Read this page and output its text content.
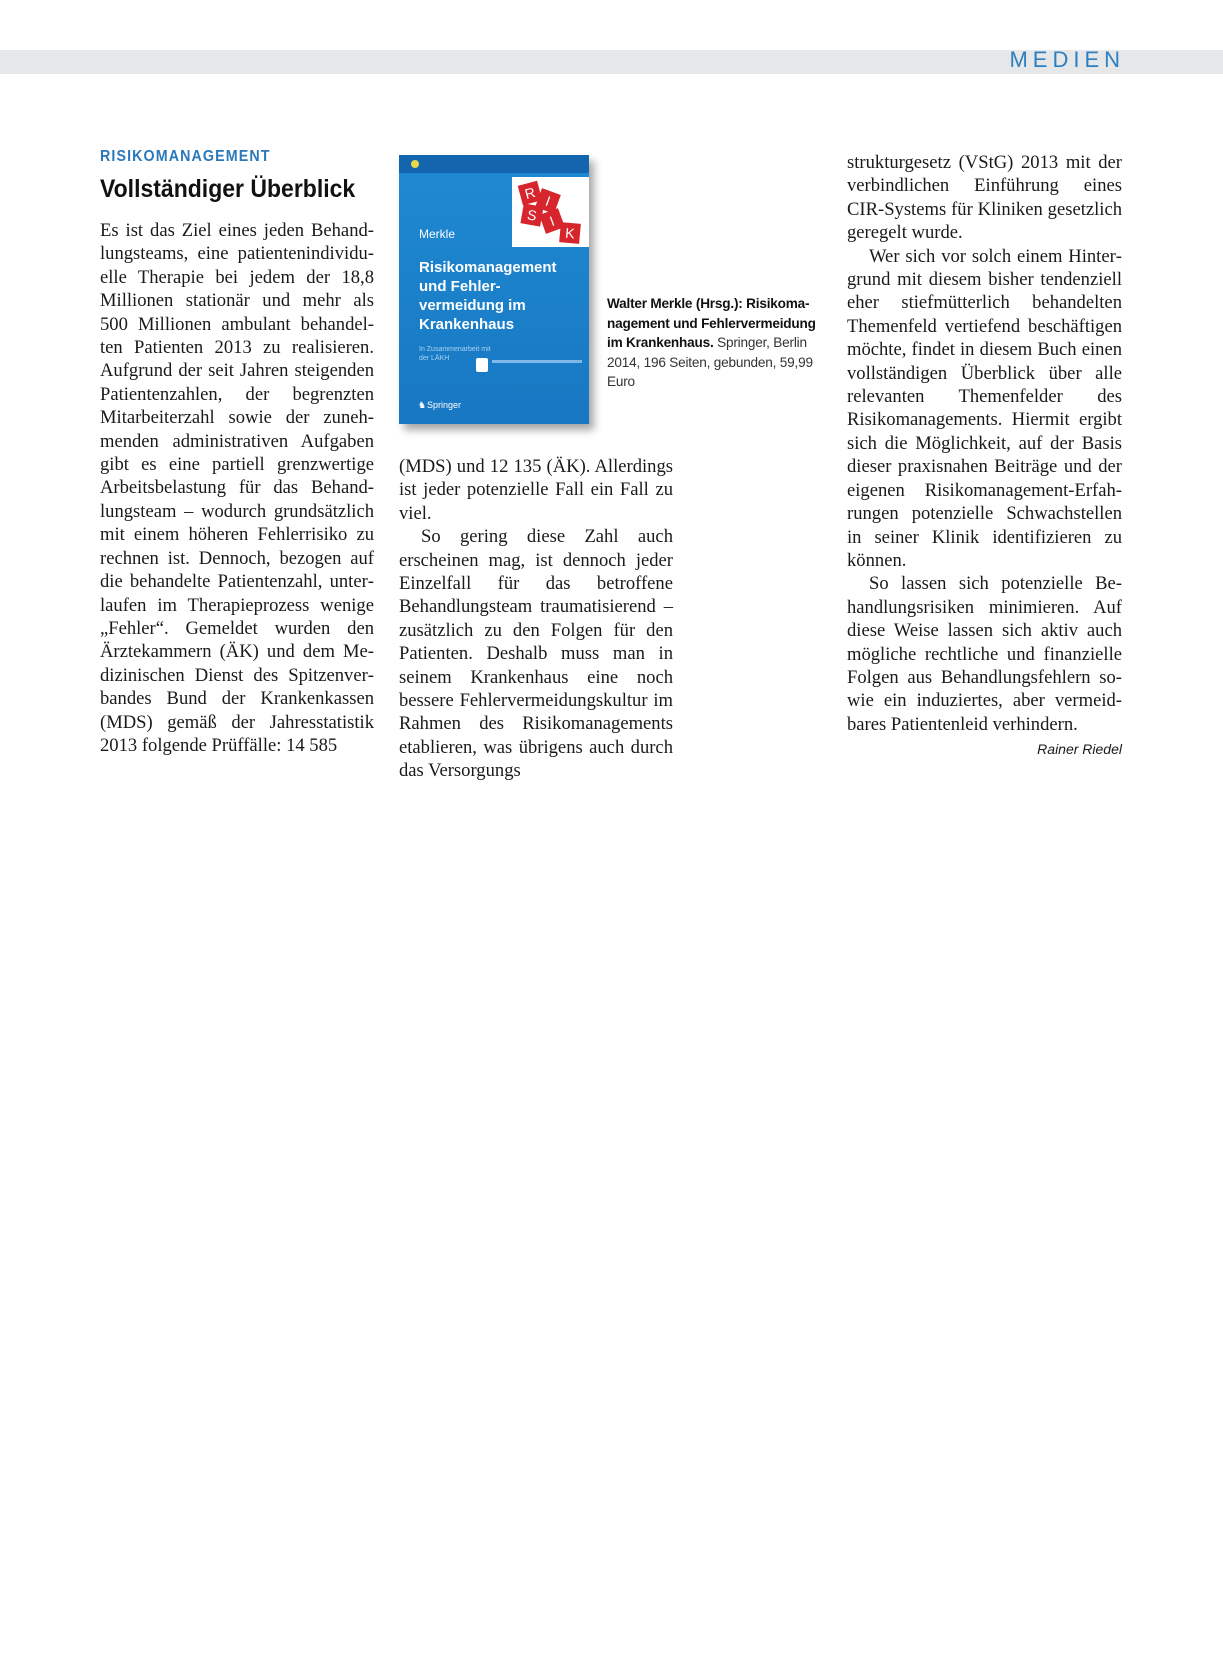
MEDIEN
RISIKOMANAGEMENT
Vollständiger Überblick

Es ist das Ziel eines jeden Behandlungsteams, eine patientenindividuelle Therapie bei jedem der 18,8 Millionen stationär und mehr als 500 Millionen ambulant behandelten Patienten 2013 zu realisieren. Aufgrund der seit Jahren steigenden Patientenzahlen, der begrenzten Mitarbeiterzahl sowie der zunehmenden administrativen Aufgaben gibt es eine partiell grenzwertige Arbeitsbelastung für das Behandlungsteam – wodurch grundsätzlich mit einem höheren Fehlerrisiko zu rechnen ist. Dennoch, bezogen auf die behandelte Patientenzahl, unterlaufen im Therapieprozess wenige „Fehler“. Gemeldet wurden den Ärztekammern (ÄK) und dem Medizinischen Dienst des Spitzenverbandes Bund der Krankenkassen (MDS) gemäß der Jahresstatistik 2013 folgende Prüffälle: 14 585

R I
S I
K
Merkle
Risikomanagement und Fehler-vermeidung im Krankenhaus
In Zusammenarbeit mit der LÄKH
♞ Springer
Walter Merkle (Hrsg.): Risikomanagement und Fehlervermeidung im Krankenhaus. Springer, Berlin 2014, 196 Seiten, gebunden, 59,99 Euro

(MDS) und 12 135 (ÄK). Allerdings ist jeder potenzielle Fall ein Fall zu viel.

So gering diese Zahl auch erscheinen mag, ist dennoch jeder Einzelfall für das betroffene Behandlungsteam traumatisierend – zusätzlich zu den Folgen für den Patienten. Deshalb muss man in seinem Krankenhaus eine noch bessere Fehlervermeidungskultur im Rahmen des Risikomanagements etablieren, was übrigens auch durch das Versorgungs

strukturgesetz (VStG) 2013 mit der verbindlichen Einführung eines CIR-Systems für Kliniken gesetzlich geregelt wurde.

Wer sich vor solch einem Hintergrund mit diesem bisher tendenziell eher stiefmütterlich behandelten Themenfeld vertiefend beschäftigen möchte, findet in diesem Buch einen vollständigen Überblick über alle relevanten Themenfelder des Risikomanagements. Hiermit ergibt sich die Möglichkeit, auf der Basis dieser praxisnahen Beiträge und der eigenen Risikomanagement-Erfahrungen potenzielle Schwachstellen in seiner Klinik identifizieren zu können.

So lassen sich potenzielle Behandlungsrisiken minimieren. Auf diese Weise lassen sich aktiv auch mögliche rechtliche und finanzielle Folgen aus Behandlungsfehlern sowie ein induziertes, aber vermeidbares Patientenleid verhindern.

Rainer Riedel
